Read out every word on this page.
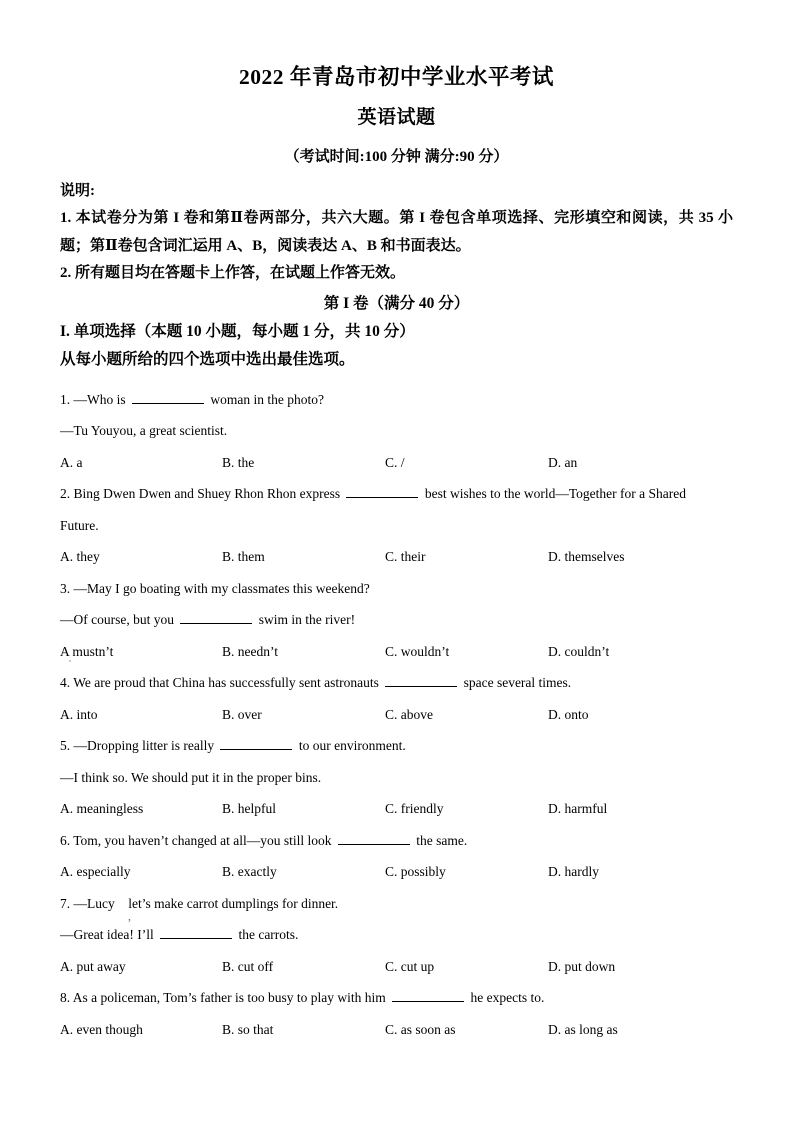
2022 年青岛市初中学业水平考试
英语试题
（考试时间:100 分钟 满分:90 分）
说明:
1. 本试卷分为第 I 卷和第Ⅱ卷两部分，共六大题。第 I 卷包含单项选择、完形填空和阅读，共 35 小题；第Ⅱ卷包含词汇运用 A、B，阅读表达 A、B 和书面表达。
2. 所有题目均在答题卡上作答，在试题上作答无效。
第 I 卷（满分 40 分）
I. 单项选择（本题 10 小题，每小题 1 分，共 10 分）
从每小题所给的四个选项中选出最佳选项。
1. —Who is	woman in the photo?
—Tu Youyou, a great scientist.
A. a	B. the	C. /	D. an
2. Bing Dwen Dwen and Shuey Rhon Rhon express	best wishes to the world—Together for a Shared
Future.
A. they	B. them	C. their	D. themselves
3. —May I go boating with my classmates this weekend?
—Of course, but you	swim in the river!
A mustn’t	B. needn’t	C. wouldn’t	D. couldn’t
4. We are proud that China has successfully sent astronauts	space several times.
A. into	B. over	C. above	D. onto
5. —Dropping litter is really	to our environment.
—I think so. We should put it in the proper bins.
A. meaningless	B. helpful	C. friendly	D. harmful
6. Tom, you haven’t changed at all—you still look	the same.
A. especially	B. exactly	C. possibly	D. hardly
7. —Lucy    let’s make carrot dumplings for dinner.
,
—Great idea! I’ll	the carrots.
A. put away	B. cut off	C. cut up	D. put down
8. As a policeman, Tom’s father is too busy to play with him	he expects to.
A. even though	B. so that	C. as soon as	D. as long as
